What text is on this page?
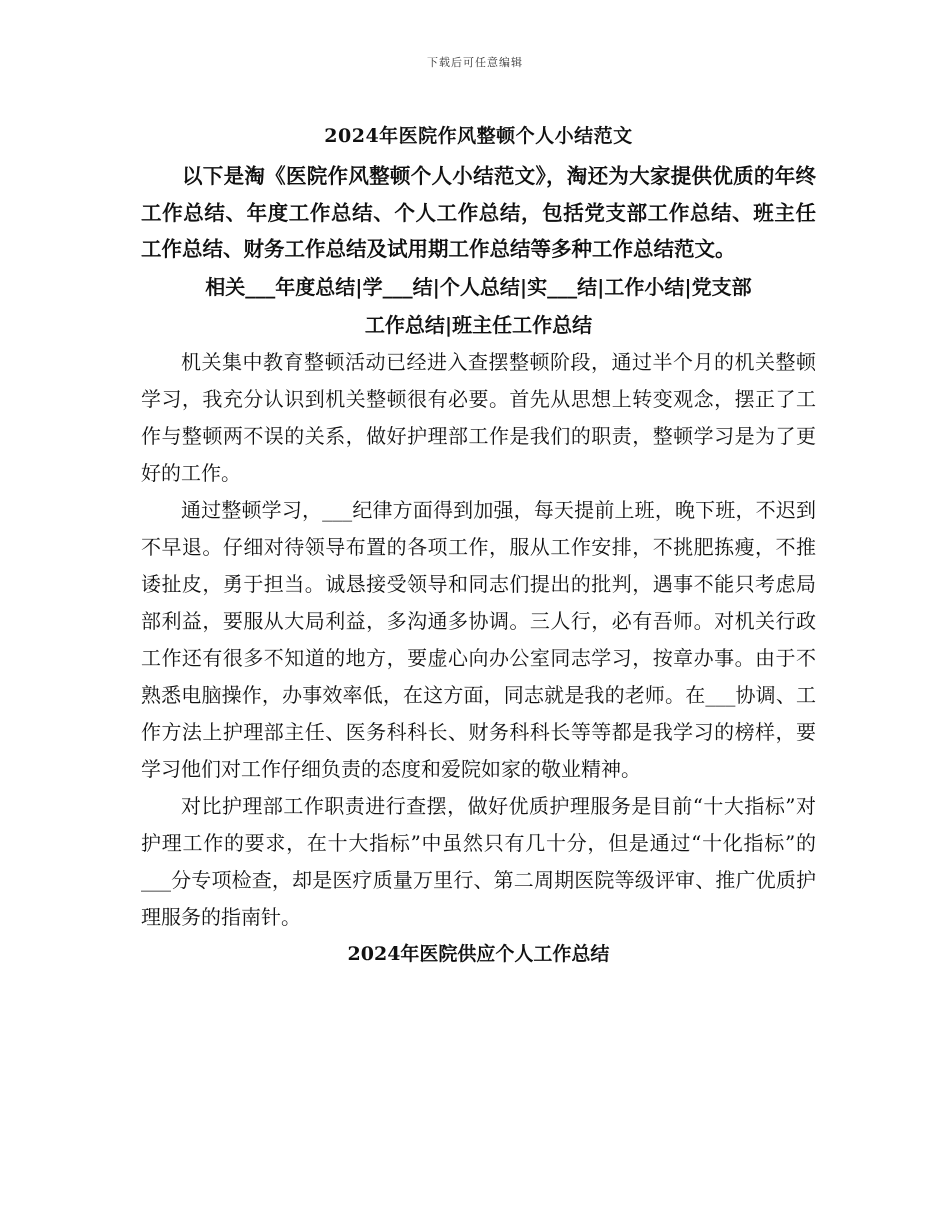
下载后可任意编辑
2024年医院作风整顿个人小结范文

以下是淘《医院作风整顿个人小结范文》，淘还为大家提供优质的年终工作总结、年度工作总结、个人工作总结，包括党支部工作总结、班主任工作总结、财务工作总结及试用期工作总结等多种工作总结范文。

相关___年度总结|学___结|个人总结|实___结|工作小结|党支部
工作总结|班主任工作总结

机关集中教育整顿活动已经进入查摆整顿阶段，通过半个月的机关整顿学习，我充分认识到机关整顿很有必要。首先从思想上转变观念，摆正了工作与整顿两不误的关系，做好护理部工作是我们的职责，整顿学习是为了更好的工作。

通过整顿学习，___纪律方面得到加强，每天提前上班，晚下班，不迟到不早退。仔细对待领导布置的各项工作，服从工作安排，不挑肥拣瘦，不推诿扯皮，勇于担当。诚恳接受领导和同志们提出的批判，遇事不能只考虑局部利益，要服从大局利益，多沟通多协调。三人行，必有吾师。对机关行政工作还有很多不知道的地方，要虚心向办公室同志学习，按章办事。由于不熟悉电脑操作，办事效率低，在这方面，同志就是我的老师。在___协调、工作方法上护理部主任、医务科科长、财务科科长等等都是我学习的榜样，要学习他们对工作仔细负责的态度和爱院如家的敬业精神。

对比护理部工作职责进行查摆，做好优质护理服务是目前“十大指标”对护理工作的要求，在十大指标”中虽然只有几十分，但是通过“十化指标”的___分专项检查，却是医疗质量万里行、第二周期医院等级评审、推广优质护理服务的指南针。

2024年医院供应个人工作总结
